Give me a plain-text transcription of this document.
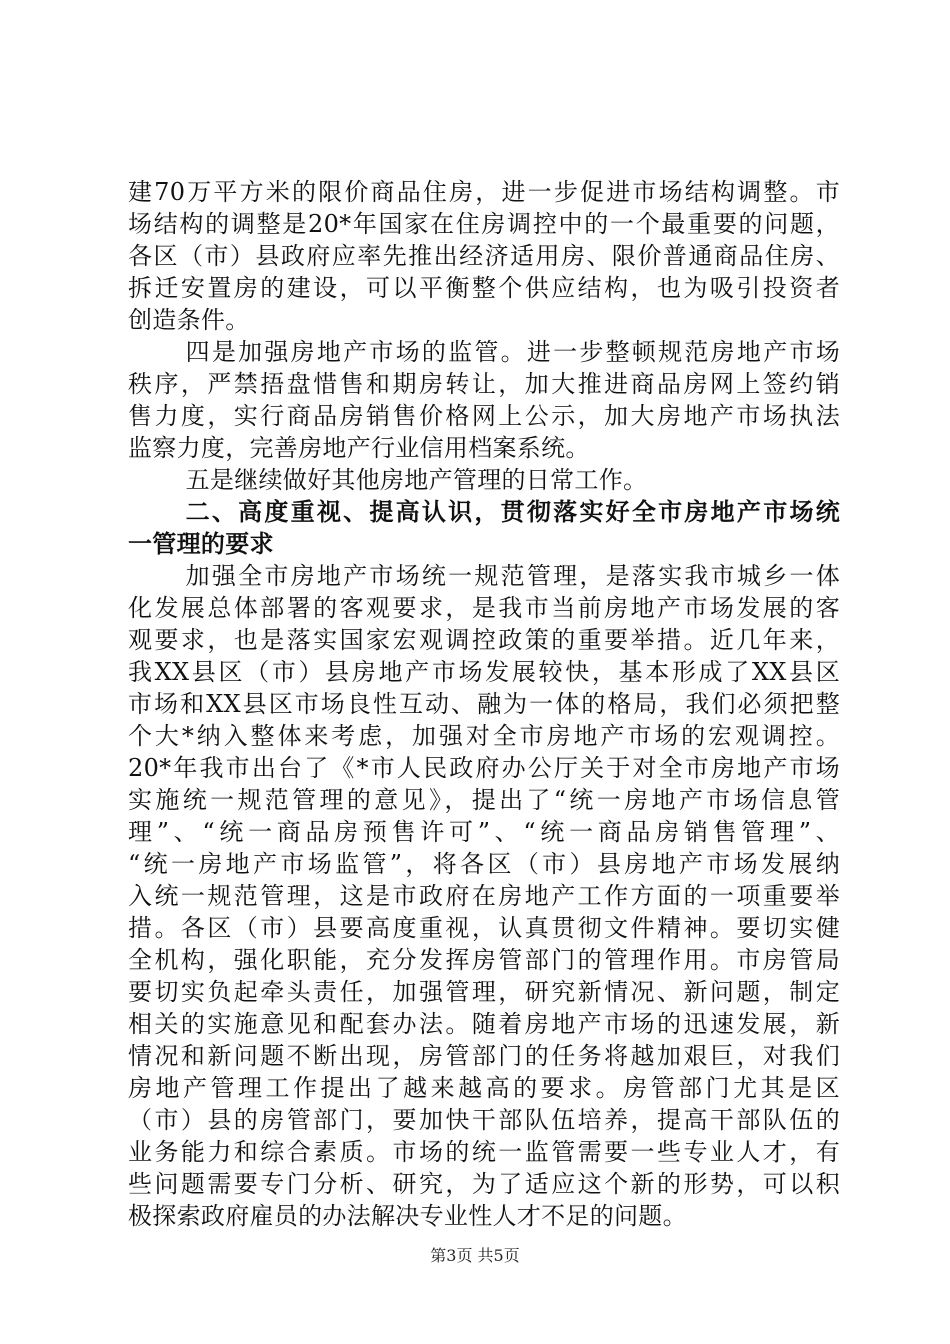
建70万平方米的限价商品住房，进一步促进市场结构调整。市
场结构的调整是20*年国家在住房调控中的一个最重要的问题，
各区（市）县政府应率先推出经济适用房、限价普通商品住房、
拆迁安置房的建设，可以平衡整个供应结构，也为吸引投资者
创造条件。
四是加强房地产市场的监管。进一步整顿规范房地产市场
秩序，严禁捂盘惜售和期房转让，加大推进商品房网上签约销
售力度，实行商品房销售价格网上公示，加大房地产市场执法
监察力度，完善房地产行业信用档案系统。
五是继续做好其他房地产管理的日常工作。
二、高度重视、提高认识，贯彻落实好全市房地产市场统
一管理的要求
加强全市房地产市场统一规范管理，是落实我市城乡一体
化发展总体部署的客观要求，是我市当前房地产市场发展的客
观要求，也是落实国家宏观调控政策的重要举措。近几年来，
我XX县区（市）县房地产市场发展较快，基本形成了XX县区
市场和XX县区市场良性互动、融为一体的格局，我们必须把整
个大*纳入整体来考虑，加强对全市房地产市场的宏观调控。
20*年我市出台了《*市人民政府办公厅关于对全市房地产市场
实施统一规范管理的意见》，提出了“统一房地产市场信息管
理”、“统一商品房预售许可”、“统一商品房销售管理”、
“统一房地产市场监管”，将各区（市）县房地产市场发展纳
入统一规范管理，这是市政府在房地产工作方面的一项重要举
措。各区（市）县要高度重视，认真贯彻文件精神。要切实健
全机构，强化职能，充分发挥房管部门的管理作用。市房管局
要切实负起牵头责任，加强管理，研究新情况、新问题，制定
相关的实施意见和配套办法。随着房地产市场的迅速发展，新
情况和新问题不断出现，房管部门的任务将越加艰巨，对我们
房地产管理工作提出了越来越高的要求。房管部门尤其是区
（市）县的房管部门，要加快干部队伍培养，提高干部队伍的
业务能力和综合素质。市场的统一监管需要一些专业人才，有
些问题需要专门分析、研究，为了适应这个新的形势，可以积
极探索政府雇员的办法解决专业性人才不足的问题。
第3页 共5页
